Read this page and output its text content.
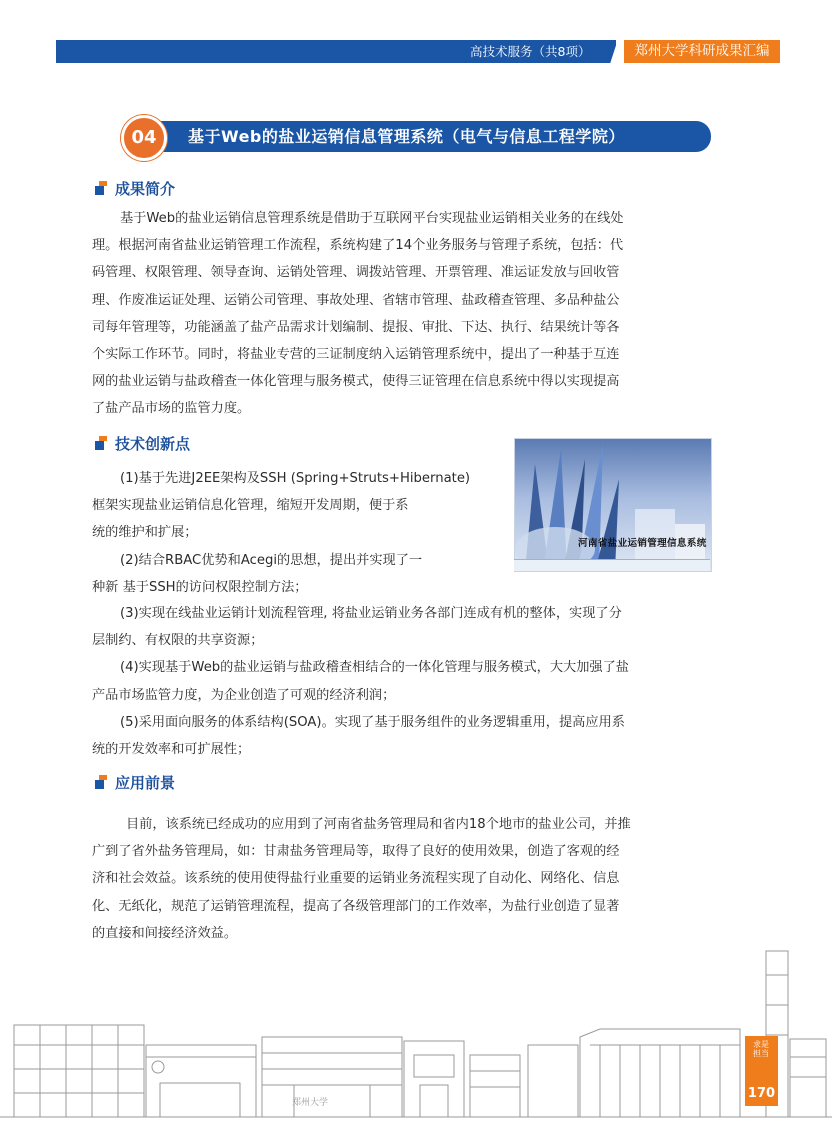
高技术服务（共8项）	郑州大学科研成果汇编
04	基于Web的盐业运销信息管理系统（电气与信息工程学院）
成果简介

基于Web的盐业运销信息管理系统是借助于互联网平台实现盐业运销相关业务的在线处
理。根据河南省盐业运销管理工作流程，系统构建了14个业务服务与管理子系统，包括：代
码管理、权限管理、领导查询、运销处管理、调拨站管理、开票管理、准运证发放与回收管
理、作废准运证处理、运销公司管理、事故处理、省辖市管理、盐政稽查管理、多品种盐公
司每年管理等，功能涵盖了盐产品需求计划编制、提报、审批、下达、执行、结果统计等各
个实际工作环节。同时，将盐业专营的三证制度纳入运销管理系统中，提出了一种基于互连
网的盐业运销与盐政稽查一体化管理与服务模式，使得三证管理在信息系统中得以实现提高
了盐产品市场的监管力度。

技术创新点

(1)基于先进J2EE架构及SSH (Spring+Struts+Hibernate)
框架实现盐业运销信息化管理，缩短开发周期，便于系
统的维护和扩展；
(2)结合RBAC优势和Acegi的思想，提出并实现了一
种新 基于SSH的访问权限控制方法；

(3)实现在线盐业运销计划流程管理, 将盐业运销业务各部门连成有机的整体，实现了分
层制约、有权限的共享资源；
(4)实现基于Web的盐业运销与盐政稽查相结合的一体化管理与服务模式，大大加强了盐
产品市场监管力度，为企业创造了可观的经济利润；
(5)采用面向服务的体系结构(SOA)。实现了基于服务组件的业务逻辑重用，提高应用系
统的开发效率和可扩展性；

河南省盐业运销管理信息系统
应用前景

目前，该系统已经成功的应用到了河南省盐务管理局和省内18个地市的盐业公司，并推
广到了省外盐务管理局，如：甘肃盐务管理局等，取得了良好的使用效果，创造了客观的经
济和社会效益。该系统的使用使得盐行业重要的运销业务流程实现了自动化、网络化、信息
化、无纸化，规范了运销管理流程，提高了各级管理部门的工作效率，为盐行业创造了显著
的直接和间接经济效益。

郑州大学
求是担当
170
